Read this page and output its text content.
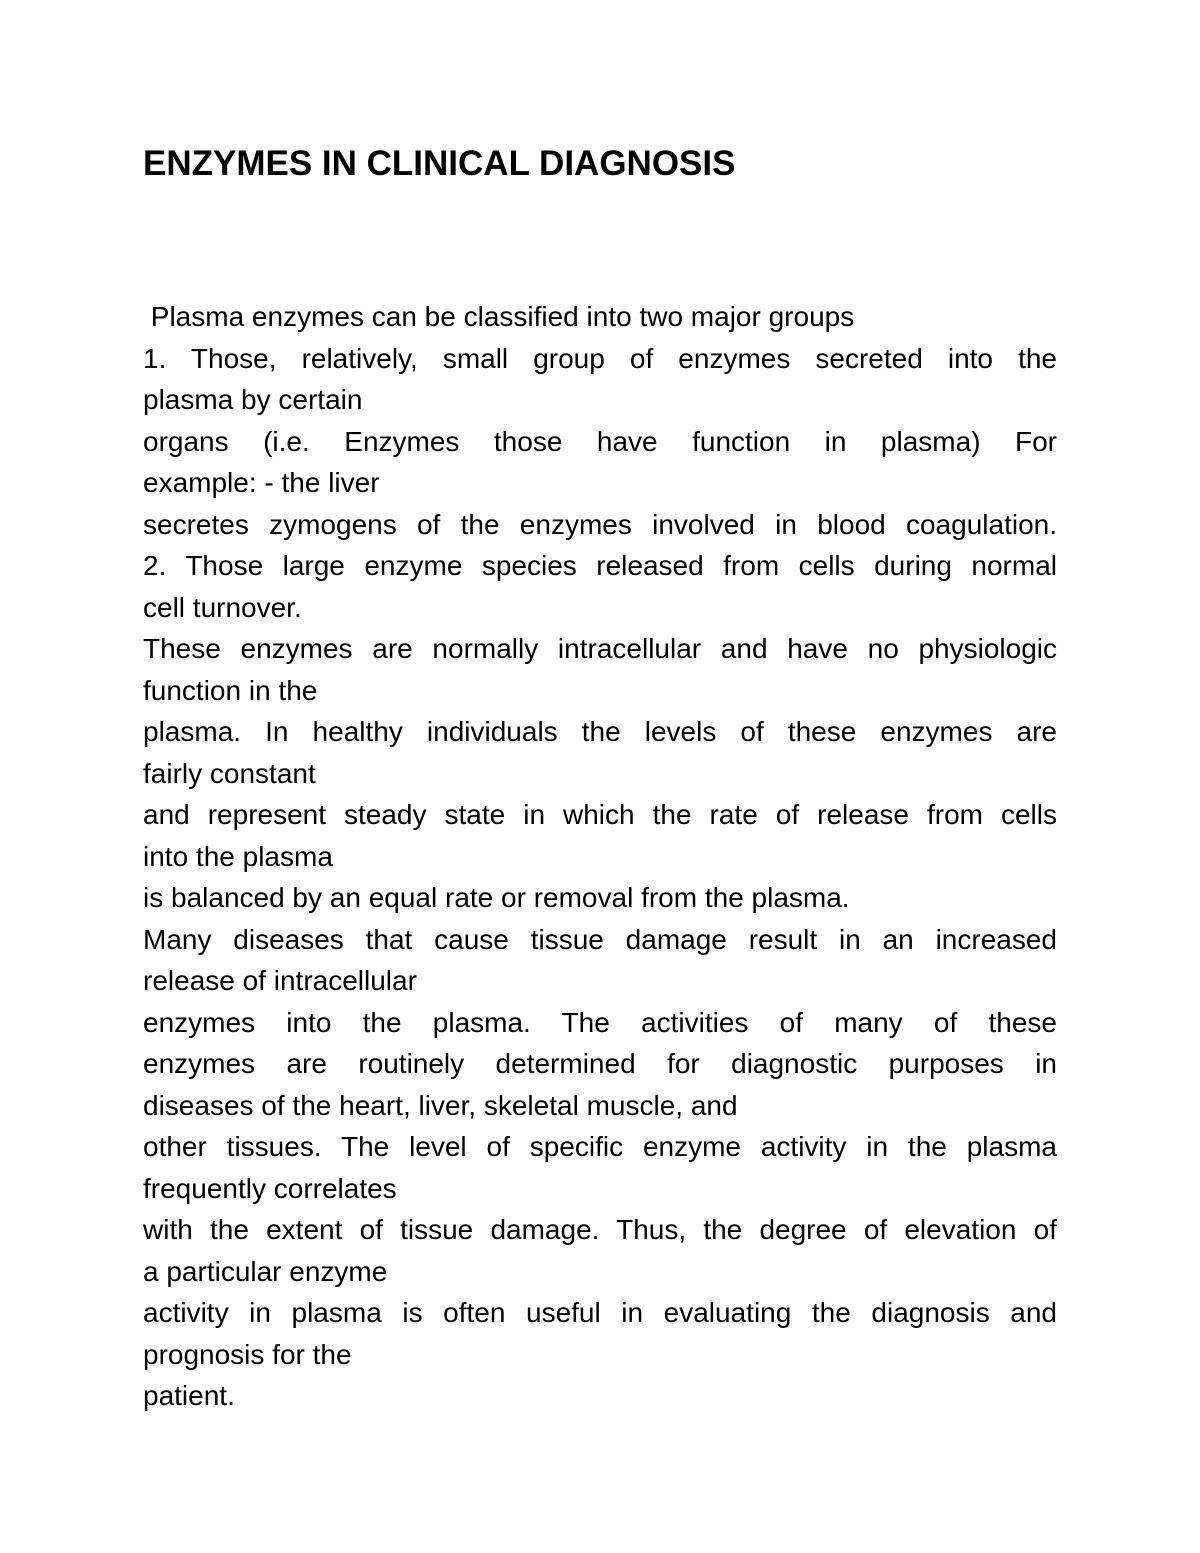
ENZYMES IN CLINICAL DIAGNOSIS
Plasma enzymes can be classified into two major groups
1. Those, relatively, small group of enzymes secreted into the
plasma by certain
organs (i.e. Enzymes those have function in plasma) For
example: - the liver
secretes zymogens of the enzymes involved in blood coagulation.
2. Those large enzyme species released from cells during normal
cell turnover.
These enzymes are normally intracellular and have no physiologic
function in the
plasma. In healthy individuals the levels of these enzymes are
fairly constant
and represent steady state in which the rate of release from cells
into the plasma
is balanced by an equal rate or removal from the plasma.
Many diseases that cause tissue damage result in an increased
release of intracellular
enzymes into the plasma. The activities of many of these
enzymes are routinely determined for diagnostic purposes in
diseases of the heart, liver, skeletal muscle, and
other tissues. The level of specific enzyme activity in the plasma
frequently correlates
with the extent of tissue damage. Thus, the degree of elevation of
a particular enzyme
activity in plasma is often useful in evaluating the diagnosis and
prognosis for the
patient.
